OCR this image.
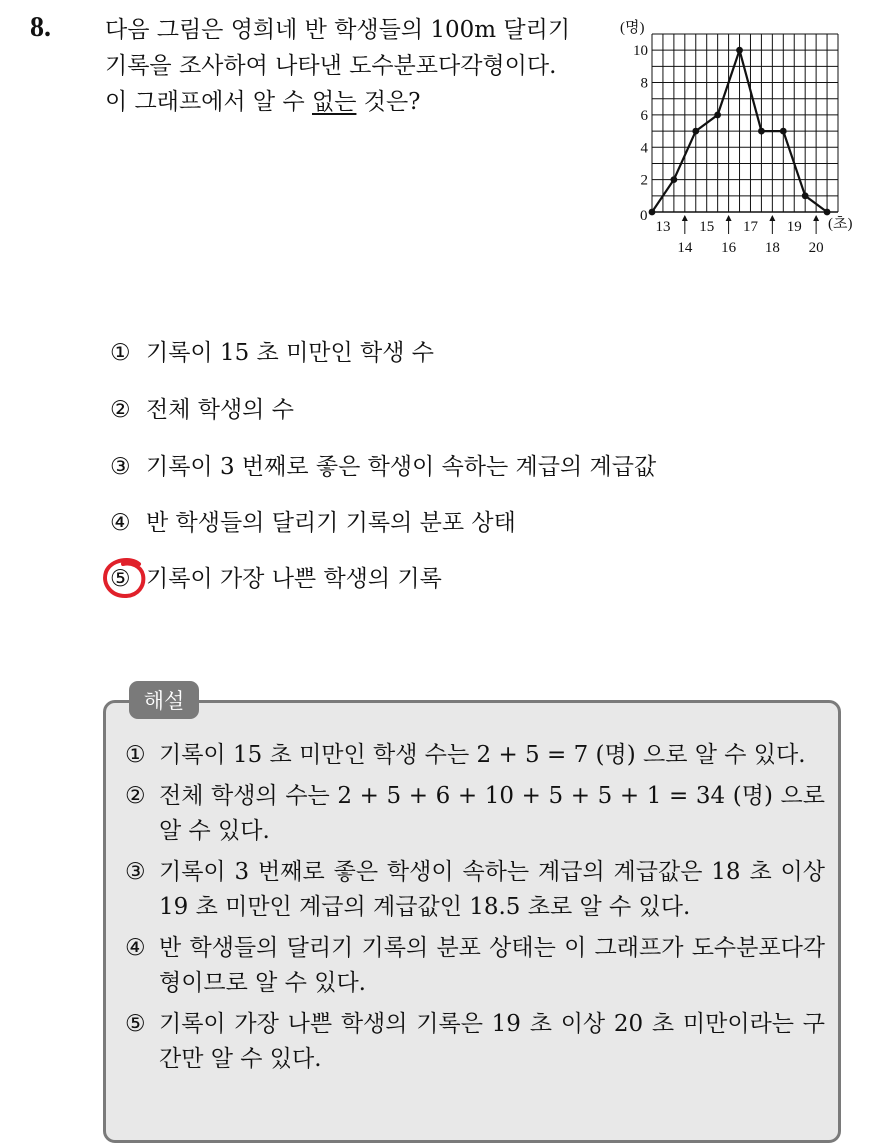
8. 다음 그림은 영희네 반 학생들의 100m 달리기 기록을 조사하여 나타낸 도수분포다각형이다. 이 그래프에서 알 수 없는 것은?
(명)
(초)
0
2
4
6
8
10
13 15 17 19
14 16 18 20
① 기록이 15 초 미만인 학생 수
② 전체 학생의 수
③ 기록이 3 번째로 좋은 학생이 속하는 계급의 계급값
④ 반 학생들의 달리기 기록의 분포 상태
⑤ 기록이 가장 나쁜 학생의 기록
해설
① 기록이 15 초 미만인 학생 수는 2 + 5 = 7 (명) 으로 알 수 있다.
② 전체 학생의 수는 2 + 5 + 6 + 10 + 5 + 5 + 1 = 34 (명) 으로 알 수 있다.
③ 기록이 3 번째로 좋은 학생이 속하는 계급의 계급값은 18 초 이상 19 초 미만인 계급의 계급값인 18.5 초로 알 수 있다.
④ 반 학생들의 달리기 기록의 분포 상태는 이 그래프가 도수분포다각형이므로 알 수 있다.
⑤ 기록이 가장 나쁜 학생의 기록은 19 초 이상 20 초 미만이라는 구간만 알 수 있다.
